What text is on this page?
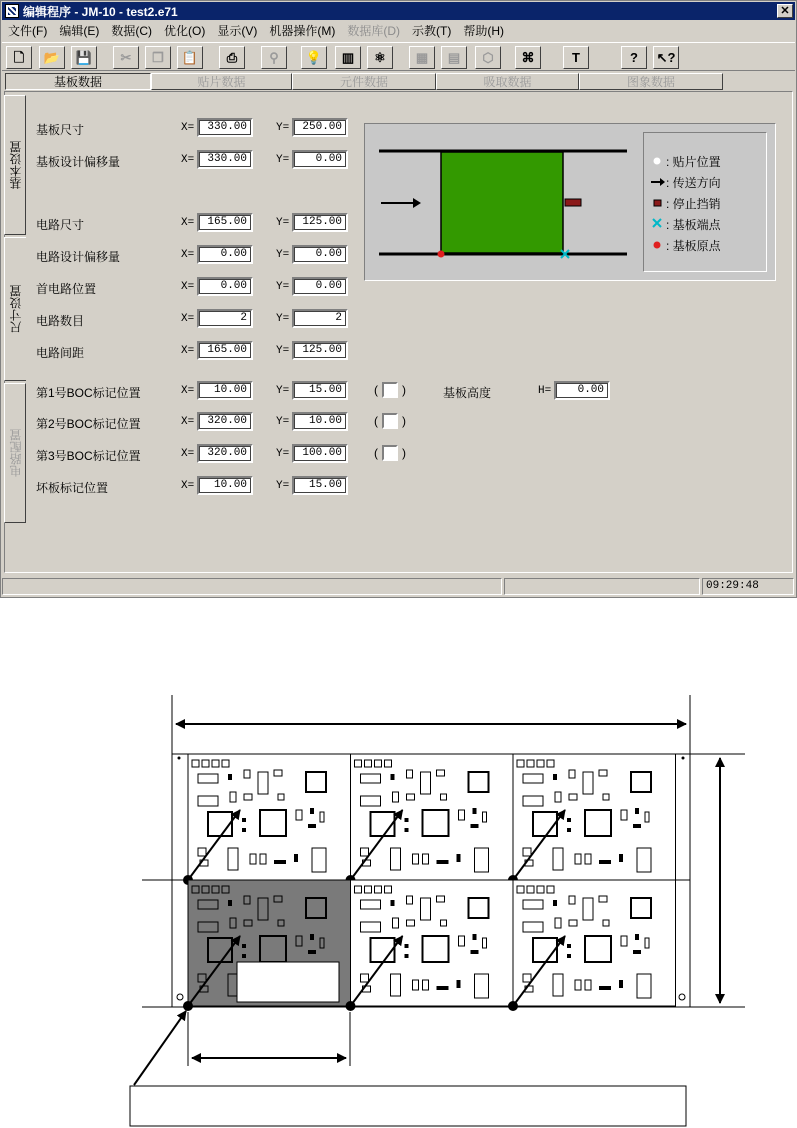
编辑程序 - JM-10 - test2.e71	✕
文件(F)	编辑(E)	数据(C)	优化(O)	显示(V)	机器操作(M)	数据库(D)	示教(T)	帮助(H)
🗋 📂 💾 ✂ ❐ 📋 ⎙ ⚲ 💡 ▥ ⚛ ▦ ▤ ⬡ ⌘	T	? ↖?
基板数据	贴片数据	元件数据	吸取数据	图象数据
基本设置
尺寸设置
电路配置
基板尺寸	X=	330.00	Y=	250.00
基板设计偏移量	X=	330.00	Y=	0.00
电路尺寸	X=	165.00	Y=	125.00
电路设计偏移量	X=	0.00	Y=	0.00
首电路位置	X=	0.00	Y=	0.00
电路数目	X=	2	Y=	2
电路间距	X=	165.00	Y=	125.00
第1号BOC标记位置	X=	10.00	Y=	15.00	( )
第2号BOC标记位置	X=	320.00	Y=	10.00	( )
第3号BOC标记位置	X=	320.00	Y=	100.00	( )
坏板标记位置	X=	10.00	Y=	15.00
基板高度	H=	0.00
: 贴片位置
: 传送方向
: 停止挡销
: 基板端点
: 基板原点
09:29:48
